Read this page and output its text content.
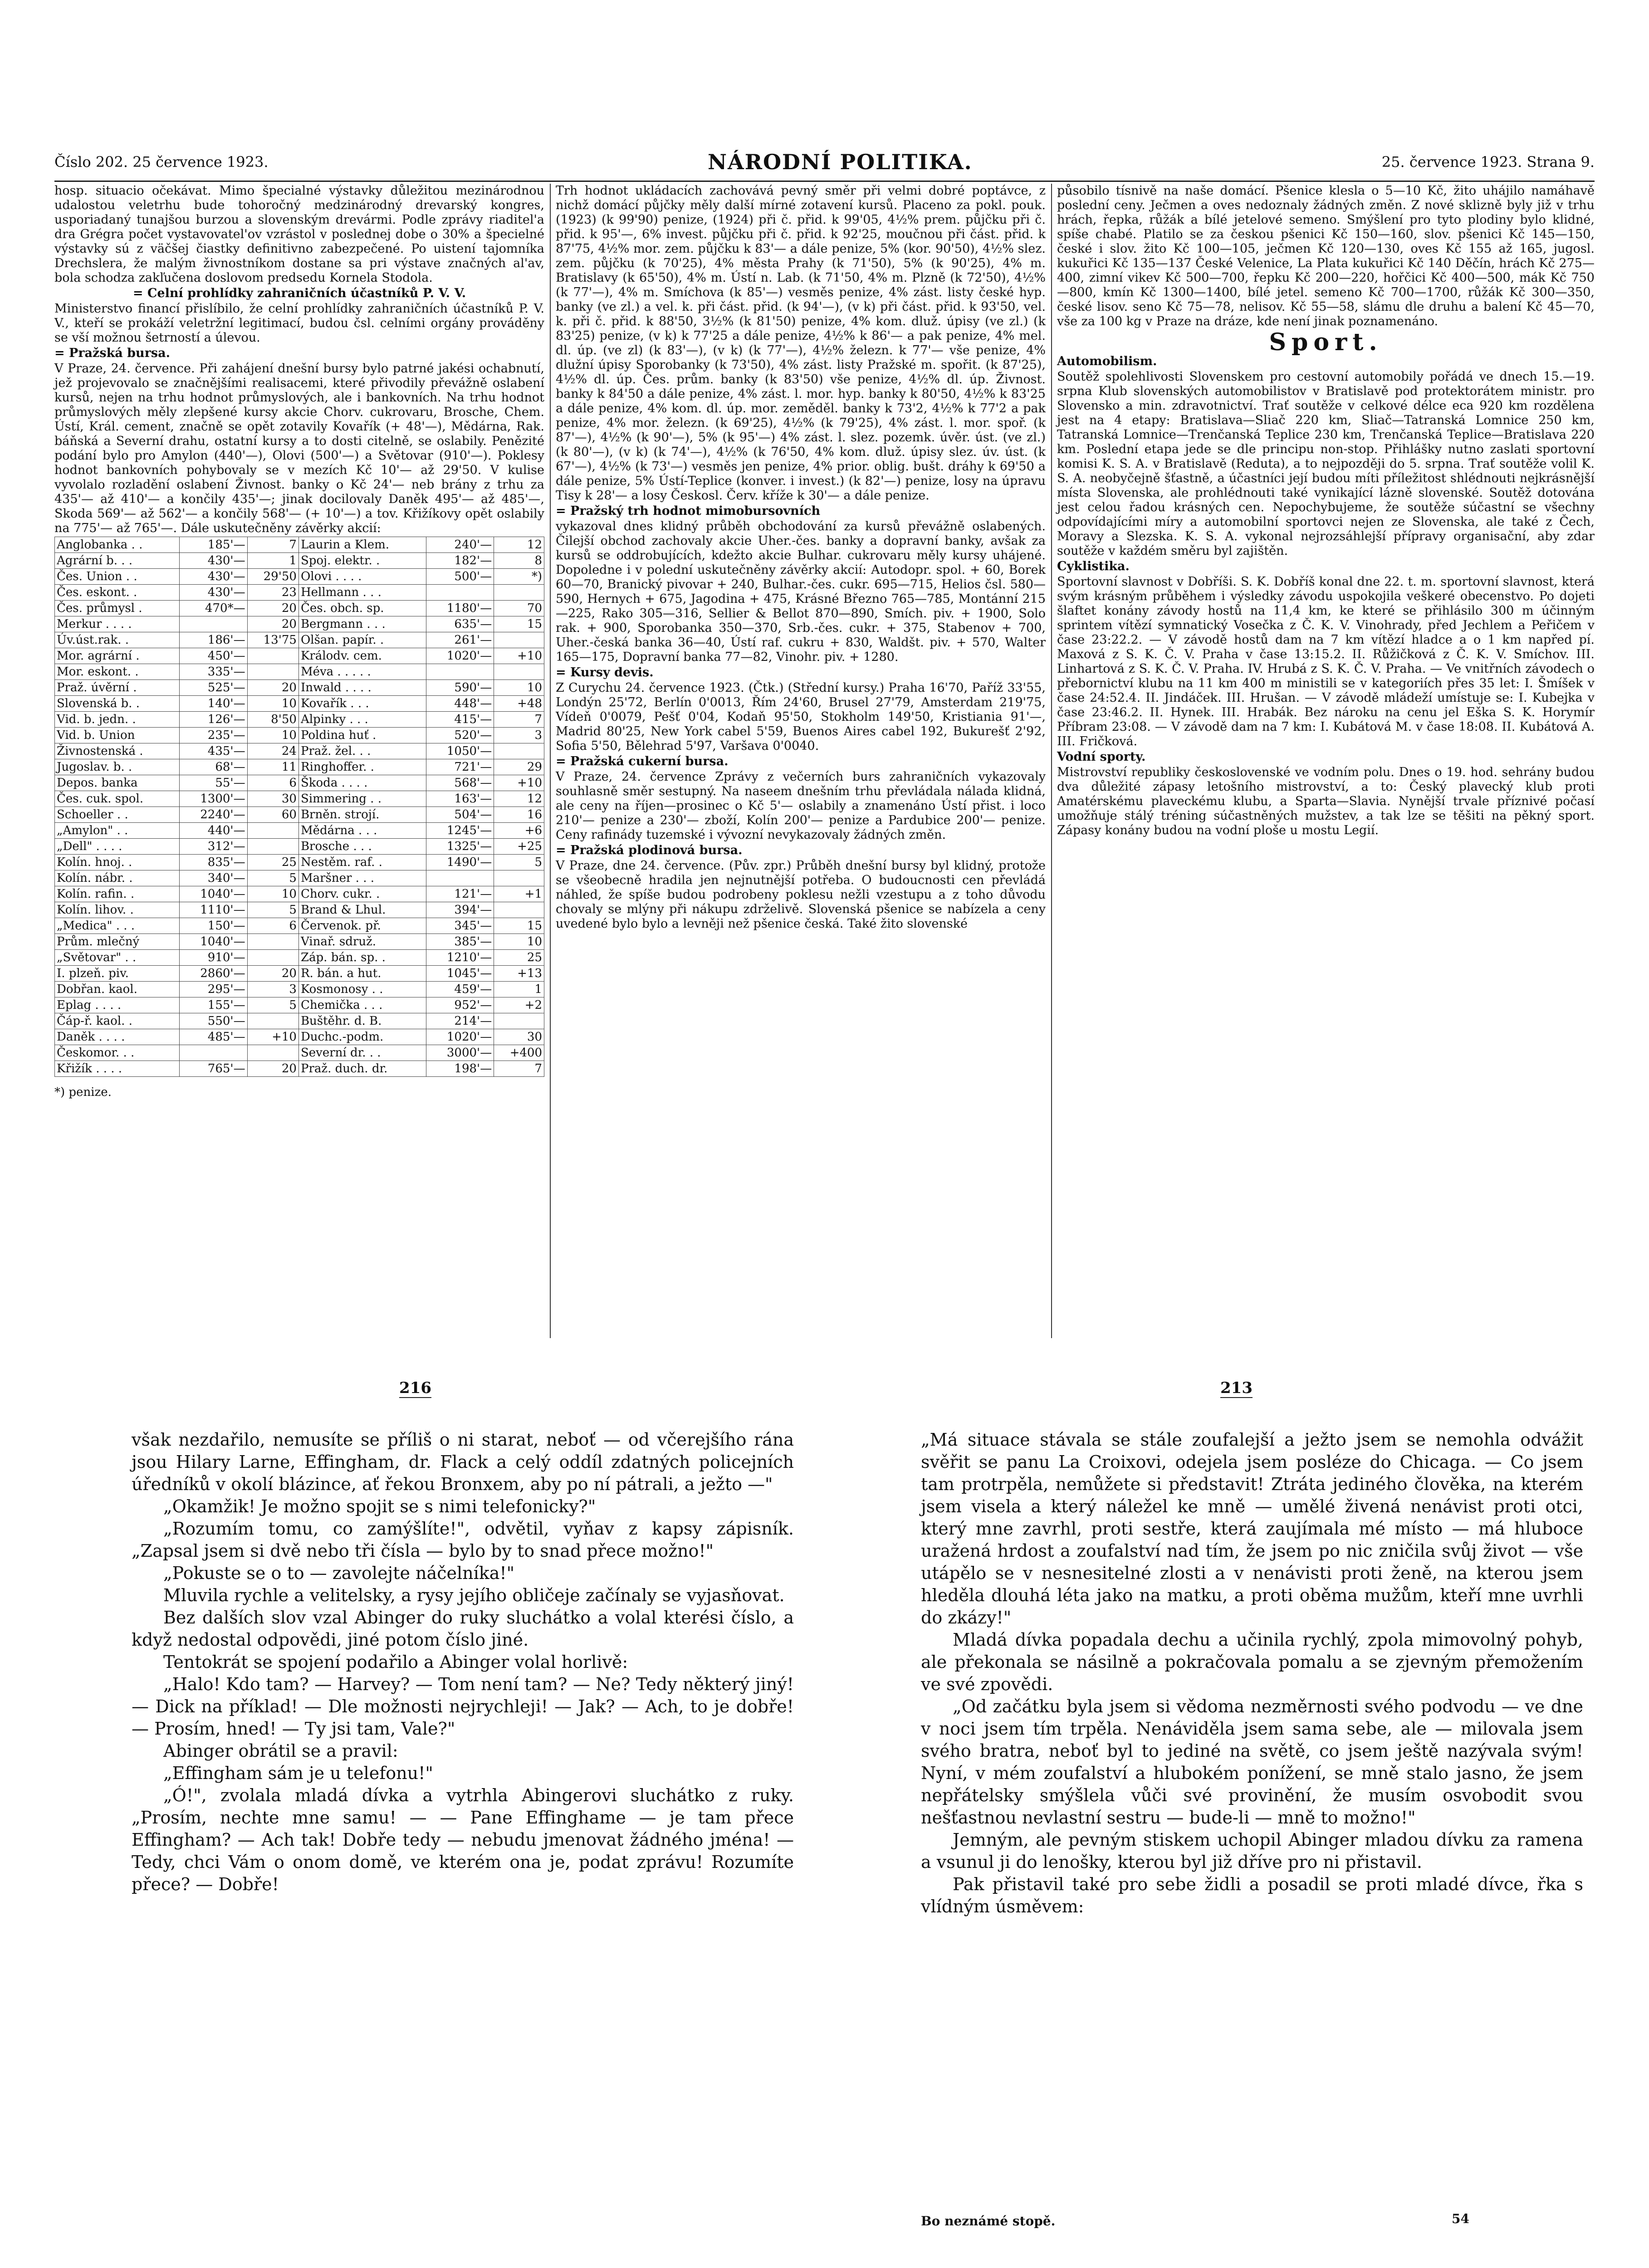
Číslo 202. 25 července 1923.	NÁRODNÍ POLITIKA.	25. července 1923. Strana 9.

hosp. situacio očekávat. Mimo špecialné výstavky důležitou mezinárodnou udalostou veletrhu bude tohoročný medzinárodný drevarský kongres, usporiadaný tunajšou burzou a slovenským drevármi. Podle zprávy riaditel'a dra Grégra počet vystavovatel'ov vzrástol v poslednej dobe o 30% a špecielné výstavky sú z väčšej čiastky definitivno zabezpečené. Po uistení tajomníka Drechslera, že malým živnostníkom dostane sa pri výstave značných al'av, bola schodza zakľučena doslovom predsedu Kornela Stodola.

= Celní prohlídky zahraničních účastníků P. V. V.

Ministerstvo financí přislíbilo, že celní prohlídky zahraničních účastníků P. V. V., kteří se prokáží veletržní legitimací, budou čsl. celními orgány prováděny se vší možnou šetrností a úlevou.

= Pražská bursa.

V Praze, 24. července. Při zahájení dnešní bursy bylo patrné jakési ochabnutí, jež projevovalo se značnějšími realisacemi, které přivodily převážně oslabení kursů, nejen na trhu hodnot průmyslových, ale i bankovních. Na trhu hodnot průmyslových měly zlepšené kursy akcie Chorv. cukrovaru, Brosche, Chem. Ústí, Král. cement, značně se opět zotavily Kovařík (+ 48'—), Mědárna, Rak. báňská a Severní drahu, ostatní kursy a to dosti citelně, se oslabily. Penězité podání bylo pro Amylon (440'—), Olovi (500'—) a Světovar (910'—). Poklesy hodnot bankovních pohybovaly se v mezích Kč 10'— až 29'50. V kulise vyvolalo rozladění oslabení Živnost. banky o Kč 24'— neb brány z trhu za 435'— až 410'— a končily 435'—; jinak docilovaly Daněk 495'— až 485'—, Skoda 569'— až 562'— a končily 568'— (+ 10'—) a tov. Křižíkovy opět oslabily na 775'— až 765'—. Dále uskutečněny závěrky akcií:

Anglobanka . .	185'—	7	Laurin a Klem.	240'—	12
Agrární b. . .	430'—	1	Spoj. elektr. .	182'—	8
Čes. Union . .	430'—	29'50	Olovi . . . .	500'—	*)
Čes. eskont. .	430'—	23	Hellmann . . .		
Čes. průmysl .	470*—	20	Čes. obch. sp.	1180'—	70
Merkur . . . .		20	Bergmann . . .	635'—	15
Úv.úst.rak. .	186'—	13'75	Olšan. papír. .	261'—	
Mor. agrární .	450'—		Králodv. cem.	1020'—	+10
Mor. eskont. .	335'—		Méva . . . . .		
Praž. úvěrní .	525'—	20	Inwald . . . .	590'—	10
Slovenská b. .	140'—	10	Kovařík . . .	448'—	+48
Vid. b. jedn. .	126'—	8'50	Alpinky . . .	415'—	7
Vid. b. Union	235'—	10	Poldina huť .	520'—	3
Živnostenská .	435'—	24	Praž. žel. . .	1050'—	
Jugoslav. b. .	68'—	11	Ringhoffer. .	721'—	29
Depos. banka	55'—	6	Škoda . . . .	568'—	+10
Čes. cuk. spol.	1300'—	30	Simmering . .	163'—	12
Schoeller . .	2240'—	60	Brněn. strojí.	504'—	16
„Amylon" . .	440'—		Mědárna . . .	1245'—	+6
„Dell" . . . .	312'—		Brosche . . .	1325'—	+25
Kolín. hnoj. .	835'—	25	Nestěm. raf. .	1490'—	5
Kolín. nábr. .	340'—	5	Maršner . . .		
Kolín. rafin. .	1040'—	10	Chorv. cukr. .	121'—	+1
Kolín. lihov. .	1110'—	5	Brand & Lhul.	394'—	
„Medica" . . .	150'—	6	Červenok. př.	345'—	15
Prům. mlečný	1040'—		Vinař. sdruž.	385'—	10
„Světovar" . .	910'—		Záp. bán. sp. .	1210'—	25
I. plzeň. piv.	2860'—	20	R. bán. a hut.	1045'—	+13
Dobřan. kaol.	295'—	3	Kosmonosy . .	459'—	1
Eplag . . . .	155'—	5	Chemička . . .	952'—	+2
Čáp-ř. kaol. .	550'—		Buštěhr. d. B.	214'—	
Daněk . . . .	485'—	+10	Duchc.-podm.	1020'—	30
Českomor. . .			Severní dr. . .	3000'—	+400
Křižík . . . .	765'—	20	Praž. duch. dr.	198'—	7
*) penize.

Trh hodnot ukládacích zachovává pevný směr při velmi dobré poptávce, z nichž domácí půjčky měly další mírné zotavení kursů. Placeno za pokl. pouk. (1923) (k 99'90) penize, (1924) při č. přid. k 99'05, 4½% prem. půjčku při č. přid. k 95'—, 6% invest. půjčku při č. přid. k 92'25, moučnou při část. přid. k 87'75, 4½% mor. zem. půjčku k 83'— a dále penize, 5% (kor. 90'50), 4½% slez. zem. půjčku (k 70'25), 4% města Prahy (k 71'50), 5% (k 90'25), 4% m. Bratislavy (k 65'50), 4% m. Ústí n. Lab. (k 71'50, 4% m. Plzně (k 72'50), 4½% (k 77'—), 4% m. Smíchova (k 85'—) vesměs penize, 4% zást. listy české hyp. banky (ve zl.) a vel. k. při část. přid. (k 94'—), (v k) při část. přid. k 93'50, vel. k. při č. přid. k 88'50, 3½% (k 81'50) penize, 4% kom. dluž. úpisy (ve zl.) (k 83'25) penize, (v k) k 77'25 a dále penize, 4½% k 86'— a pak penize, 4% mel. dl. úp. (ve zl) (k 83'—), (v k) (k 77'—), 4½% železn. k 77'— vše penize, 4% dlužní úpisy Sporobanky (k 73'50), 4% zást. listy Pražské m. spořit. (k 87'25), 4½% dl. úp. Čes. prům. banky (k 83'50) vše penize, 4½% dl. úp. Živnost. banky k 84'50 a dále penize, 4% zást. l. mor. hyp. banky k 80'50, 4½% k 83'25 a dále penize, 4% kom. dl. úp. mor. zeměděl. banky k 73'2, 4½% k 77'2 a pak penize, 4% mor. železn. (k 69'25), 4½% (k 79'25), 4% zást. l. mor. spoř. (k 87'—), 4½% (k 90'—), 5% (k 95'—) 4% zást. l. slez. pozemk. úvěr. úst. (ve zl.) (k 80'—), (v k) (k 74'—), 4½% (k 76'50, 4% kom. dluž. úpisy slez. úv. úst. (k 67'—), 4½% (k 73'—) vesměs jen penize, 4% prior. oblig. bušt. dráhy k 69'50 a dále penize, 5% Ústí-Teplice (konver. i invest.) (k 82'—) penize, losy na úpravu Tisy k 28'— a losy Českosl. Červ. kříže k 30'— a dále penize.

= Pražský trh hodnot mimobursovních

vykazoval dnes klidný průběh obchodování za kursů převážně oslabených. Čilejší obchod zachovaly akcie Uher.-čes. banky a dopravní banky, avšak za kursů se oddrobujících, kdežto akcie Bulhar. cukrovaru měly kursy uhájené. Dopoledne i v polední uskutečněny závěrky akcií: Autodopr. spol. + 60, Borek 60—70, Branický pivovar + 240, Bulhar.-čes. cukr. 695—715, Helios čsl. 580—590, Hernych + 675, Jagodina + 475, Krásné Březno 765—785, Montánní 215—225, Rako 305—316, Sellier & Bellot 870—890, Smích. piv. + 1900, Solo rak. + 900, Sporobanka 350—370, Srb.-čes. cukr. + 375, Stabenov + 700, Uher.-česká banka 36—40, Ústí raf. cukru + 830, Waldšt. piv. + 570, Walter 165—175, Dopravní banka 77—82, Vinohr. piv. + 1280.

= Kursy devis.

Z Curychu 24. července 1923. (Čtk.) (Střední kursy.) Praha 16'70, Paříž 33'55, Londýn 25'72, Berlín 0'0013, Řím 24'60, Brusel 27'79, Amsterdam 219'75, Vídeň 0'0079, Pešť 0'04, Kodaň 95'50, Stokholm 149'50, Kristiania 91'—, Madrid 80'25, New York cabel 5'59, Buenos Aires cabel 192, Bukurešť 2'92, Sofia 5'50, Bělehrad 5'97, Varšava 0'0040.

= Pražská cukerní bursa.

V Praze, 24. července Zprávy z večerních burs zahraničních vykazovaly souhlasně směr sestupný. Na naseem dnešním trhu převládala nálada klidná, ale ceny na říjen—prosinec o Kč 5'— oslabily a znamenáno Ústí přist. i loco 210'— penize a 230'— zboží, Kolín 200'— penize a Pardubice 200'— penize. Ceny rafinády tuzemské i vývozní nevykazovaly žádných změn.

= Pražská plodinová bursa.

V Praze, dne 24. července. (Pův. zpr.) Průběh dnešní bursy byl klidný, protože se všeobecně hradila jen nejnutnější potřeba. O budoucnosti cen převládá náhled, že spíše budou podrobeny poklesu nežli vzestupu a z toho důvodu chovaly se mlýny při nákupu zdrželivě. Slovenská pšenice se nabízela a ceny uvedené bylo bylo a levněji než pšenice česká. Také žito slovenské

působilo tísnivě na naše domácí. Pšenice klesla o 5—10 Kč, žito uhájilo namáhavě poslední ceny. Ječmen a oves nedoznaly žádných změn. Z nové sklizně byly již v trhu hrách, řepka, růžák a bílé jetelové semeno. Smýšlení pro tyto plodiny bylo klidné, spíše chabé. Platilo se za českou pšenici Kč 150—160, slov. pšenici Kč 145—150, české i slov. žito Kč 100—105, ječmen Kč 120—130, oves Kč 155 až 165, jugosl. kukuřici Kč 135—137 České Velenice, La Plata kukuřici Kč 140 Děčín, hrách Kč 275—400, zimní vikev Kč 500—700, řepku Kč 200—220, hořčici Kč 400—500, mák Kč 750—800, kmín Kč 1300—1400, bílé jetel. semeno Kč 700—1700, růžák Kč 300—350, české lisov. seno Kč 75—78, nelisov. Kč 55—58, slámu dle druhu a balení Kč 45—70, vše za 100 kg v Praze na dráze, kde není jinak poznamenáno.

Sport.

Automobilism.

Soutěž spolehlivosti Slovenskem pro cestovní automobily pořádá ve dnech 15.—19. srpna Klub slovenských automobilistov v Bratislavě pod protektorátem ministr. pro Slovensko a min. zdravotnictví. Trať soutěže v celkové délce eca 920 km rozdělena jest na 4 etapy: Bratislava—Sliač 220 km, Sliač—Tatranská Lomnice 250 km, Tatranská Lomnice—Trenčanská Teplice 230 km, Trenčanská Teplice—Bratislava 220 km. Poslední etapa jede se dle principu non-stop. Přihlášky nutno zaslati sportovní komisi K. S. A. v Bratislavě (Reduta), a to nejpozději do 5. srpna. Trať soutěže volil K. S. A. neobyčejně šťastně, a účastníci její budou míti příležitost shlédnouti nejkrásnější místa Slovenska, ale prohlédnouti také vynikající lázně slovenské. Soutěž dotována jest celou řadou krásných cen. Nepochybujeme, že soutěže súčastní se všechny odpovídajícími míry a automobilní sportovci nejen ze Slovenska, ale také z Čech, Moravy a Slezska. K. S. A. vykonal nejrozsáhlejší přípravy organisační, aby zdar soutěže v každém směru byl zajištěn.

Cyklistika.

Sportovní slavnost v Dobříši. S. K. Dobříš konal dne 22. t. m. sportovní slavnost, která svým krásným průběhem i výsledky závodu uspokojila veškeré obecenstvo. Po dojeti šlaftet konány závody hostů na 11,4 km, ke které se přihlásilo 300 m účinným sprintem vítězí symnatický Vosečka z Č. K. V. Vinohrady, před Jechlem a Peřičem v čase 23:22.2. — V závodě hostů dam na 7 km vítězí hladce a o 1 km napřed pí. Maxová z S. K. Č. V. Praha v čase 13:15.2. II. Růžičková z Č. K. V. Smíchov. III. Linhartová z S. K. Č. V. Praha. IV. Hrubá z S. K. Č. V. Praha. — Ve vnitřních závodech o přebornictví klubu na 11 km 400 m ministili se v kategoriích přes 35 let: I. Šmíšek v čase 24:52.4. II. Jindáček. III. Hrušan. — V závodě mládeží umístuje se: I. Kubejka v čase 23:46.2. II. Hynek. III. Hrabák. Bez nároku na cenu jel Eška S. K. Horymír Příbram 23:08. — V závodě dam na 7 km: I. Kubátová M. v čase 18:08. II. Kubátová A. III. Fričková.

Vodní sporty.

Mistrovství republiky československé ve vodním polu. Dnes o 19. hod. sehrány budou dva důležité zápasy letošního mistrovství, a to: Český plavecký klub proti Amatérskému plaveckému klubu, a Sparta—Slavia. Nynější trvale příznivé počasí umožňuje stálý tréning súčastněných mužstev, a tak lze se těšiti na pěkný sport. Zápasy konány budou na vodní ploše u mostu Legií.

216	213

však nezdařilo, nemusíte se příliš o ni starat, neboť — od včerejšího rána jsou Hilary Larne, Effingham, dr. Flack a celý oddíl zdatných policejních úředníků v okolí blázince, ať řekou Bronxem, aby po ní pátrali, a ježto —"

„Okamžik! Je možno spojit se s nimi telefonicky?"

„Rozumím tomu, co zamýšlíte!", odvětil, vyňav z kapsy zápisník. „Zapsal jsem si dvě nebo tři čísla — bylo by to snad přece možno!"

„Pokuste se o to — zavolejte náčelníka!"

Mluvila rychle a velitelsky, a rysy jejího obličeje začínaly se vyjasňovat.

Bez dalších slov vzal Abinger do ruky sluchátko a volal kterési číslo, a když nedostal odpovědi, jiné potom číslo jiné.

Tentokrát se spojení podařilo a Abinger volal horlivě:

„Halo! Kdo tam? — Harvey? — Tom není tam? — Ne? Tedy některý jiný! — Dick na příklad! — Dle možnosti nejrychleji! — Jak? — Ach, to je dobře! — Prosím, hned! — Ty jsi tam, Vale?"

Abinger obrátil se a pravil:

„Effingham sám je u telefonu!"

„Ó!", zvolala mladá dívka a vytrhla Abingerovi sluchátko z ruky. „Prosím, nechte mne samu! — — Pane Effinghame — je tam přece Effingham? — Ach tak! Dobře tedy — nebudu jmenovat žádného jména! — Tedy, chci Vám o onom domě, ve kterém ona je, podat zprávu! Rozumíte přece? — Dobře!

„Má situace stávala se stále zoufalejší a ježto jsem se nemohla odvážit svěřit se panu La Croixovi, odejela jsem posléze do Chicaga. — Co jsem tam protrpěla, nemůžete si představit! Ztráta jediného člověka, na kterém jsem visela a který náležel ke mně — umělé živená nenávist proti otci, který mne zavrhl, proti sestře, která zaujímala mé místo — má hluboce uražená hrdost a zoufalství nad tím, že jsem po nic zničila svůj život — vše utápělo se v nesnesitelné zlosti a v nenávisti proti ženě, na kterou jsem hleděla dlouhá léta jako na matku, a proti oběma mužům, kteří mne uvrhli do zkázy!"

Mladá dívka popadala dechu a učinila rychlý, zpola mimovolný pohyb, ale překonala se násilně a pokračovala pomalu a se zjevným přemožením ve své zpovědi.

„Od začátku byla jsem si vědoma nezměrnosti svého podvodu — ve dne v noci jsem tím trpěla. Nenáviděla jsem sama sebe, ale — milovala jsem svého bratra, neboť byl to jediné na světě, co jsem ještě nazývala svým! Nyní, v mém zoufalství a hlubokém ponížení, se mně stalo jasno, že jsem nepřátelsky smýšlela vůči své provinění, že musím osvobodit svou nešťastnou nevlastní sestru — bude-li — mně to možno!"

Jemným, ale pevným stiskem uchopil Abinger mladou dívku za ramena a vsunul ji do lenošky, kterou byl již dříve pro ni přistavil.

Pak přistavil také pro sebe židli a posadil se proti mladé dívce, řka s vlídným úsměvem:

Bo neznámé stopě.	54
